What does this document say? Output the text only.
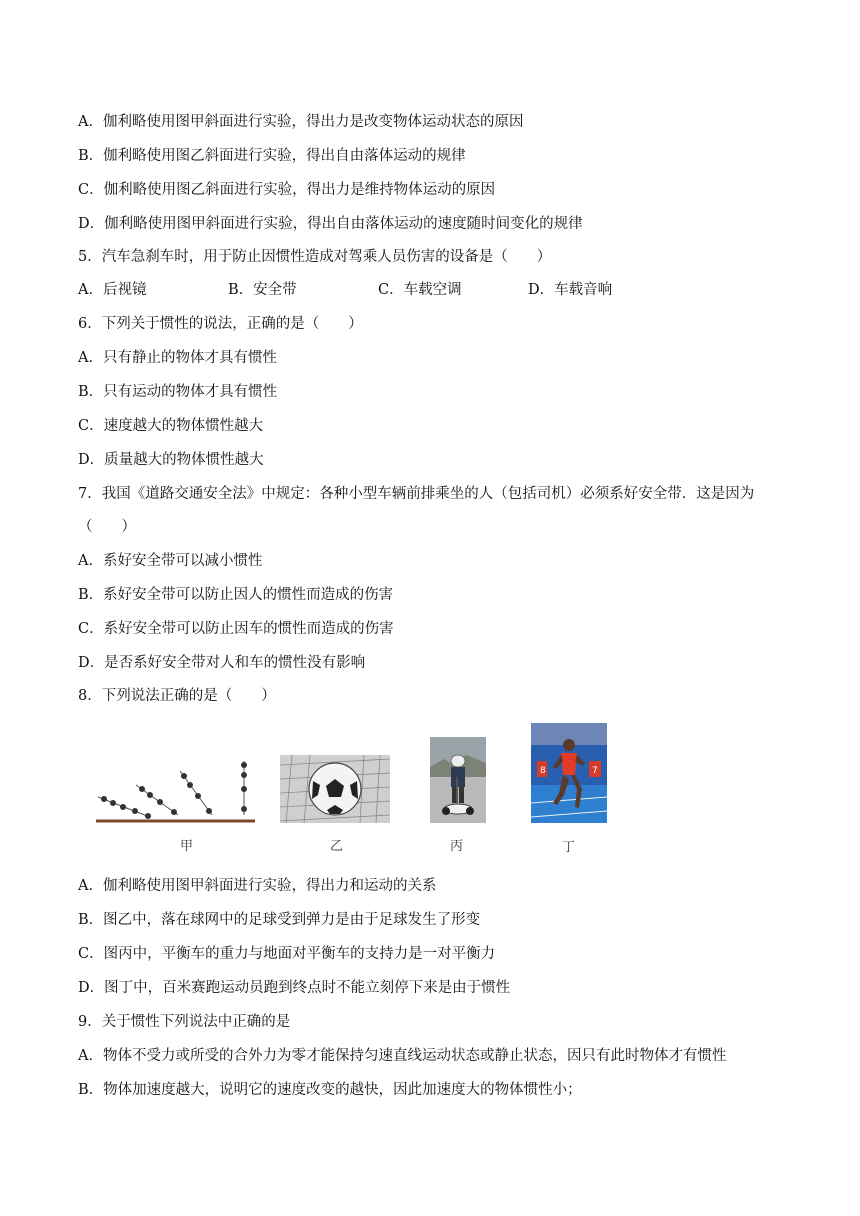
A．伽利略使用图甲斜面进行实验，得出力是改变物体运动状态的原因
B．伽利略使用图乙斜面进行实验，得出自由落体运动的规律
C．伽利略使用图乙斜面进行实验，得出力是维持物体运动的原因
D．伽利略使用图甲斜面进行实验，得出自由落体运动的速度随时间变化的规律
5．汽车急刹车时，用于防止因惯性造成对驾乘人员伤害的设备是（　　）
A．后视镜	B．安全带	C．车载空调	D．车载音响
6．下列关于惯性的说法，正确的是（　　）
A．只有静止的物体才具有惯性
B．只有运动的物体才具有惯性
C．速度越大的物体惯性越大
D．质量越大的物体惯性越大
7．我国《道路交通安全法》中规定：各种小型车辆前排乘坐的人（包括司机）必须系好安全带．这是因为
（　　）
A．系好安全带可以减小惯性
B．系好安全带可以防止因人的惯性而造成的伤害
C．系好安全带可以防止因车的惯性而造成的伤害
D．是否系好安全带对人和车的惯性没有影响
8．下列说法正确的是（　　）
甲	乙	丙
8	7
丁
A．伽利略使用图甲斜面进行实验，得出力和运动的关系
B．图乙中，落在球网中的足球受到弹力是由于足球发生了形变
C．图丙中，平衡车的重力与地面对平衡车的支持力是一对平衡力
D．图丁中，百米赛跑运动员跑到终点时不能立刻停下来是由于惯性
9．关于惯性下列说法中正确的是
A．物体不受力或所受的合外力为零才能保持匀速直线运动状态或静止状态，因只有此时物体才有惯性
B．物体加速度越大，说明它的速度改变的越快，因此加速度大的物体惯性小；
